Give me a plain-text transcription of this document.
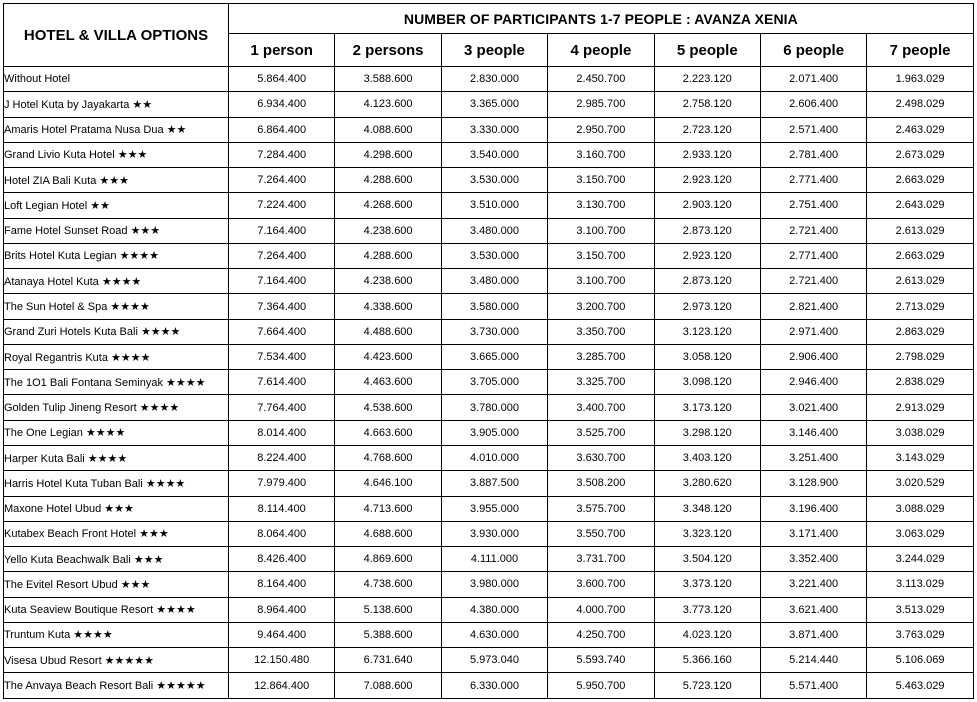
HOTEL & VILLA OPTIONS	NUMBER OF PARTICIPANTS 1-7 PEOPLE : AVANZA XENIA						
	1 person	2 persons	3 people	4 people	5 people	6 people	7 people
Without Hotel	5.864.400	3.588.600	2.830.000	2.450.700	2.223.120	2.071.400	1.963.029
J Hotel Kuta by Jayakarta ★★	6.934.400	4.123.600	3.365.000	2.985.700	2.758.120	2.606.400	2.498.029
Amaris Hotel Pratama Nusa Dua ★★	6.864.400	4.088.600	3.330.000	2.950.700	2.723.120	2.571.400	2.463.029
Grand Livio Kuta Hotel ★★★	7.284.400	4.298.600	3.540.000	3.160.700	2.933.120	2.781.400	2.673.029
Hotel ZIA Bali Kuta ★★★	7.264.400	4.288.600	3.530.000	3.150.700	2.923.120	2.771.400	2.663.029
Loft Legian Hotel ★★	7.224.400	4.268.600	3.510.000	3.130.700	2.903.120	2.751.400	2.643.029
Fame Hotel Sunset Road ★★★	7.164.400	4.238.600	3.480.000	3.100.700	2.873.120	2.721.400	2.613.029
Brits Hotel Kuta Legian ★★★★	7.264.400	4.288.600	3.530.000	3.150.700	2.923.120	2.771.400	2.663.029
Atanaya Hotel Kuta ★★★★	7.164.400	4.238.600	3.480.000	3.100.700	2.873.120	2.721.400	2.613.029
The Sun Hotel & Spa ★★★★	7.364.400	4.338.600	3.580.000	3.200.700	2.973.120	2.821.400	2.713.029
Grand Zuri Hotels Kuta Bali ★★★★	7.664.400	4.488.600	3.730.000	3.350.700	3.123.120	2.971.400	2.863.029
Royal Regantris Kuta ★★★★	7.534.400	4.423.600	3.665.000	3.285.700	3.058.120	2.906.400	2.798.029
The 1O1 Bali Fontana Seminyak ★★★★	7.614.400	4.463.600	3.705.000	3.325.700	3.098.120	2.946.400	2.838.029
Golden Tulip Jineng Resort ★★★★	7.764.400	4.538.600	3.780.000	3.400.700	3.173.120	3.021.400	2.913.029
The One Legian ★★★★	8.014.400	4.663.600	3.905.000	3.525.700	3.298.120	3.146.400	3.038.029
Harper Kuta Bali ★★★★	8.224.400	4.768.600	4.010.000	3.630.700	3.403.120	3.251.400	3.143.029
Harris Hotel Kuta Tuban Bali ★★★★	7.979.400	4.646.100	3.887.500	3.508.200	3.280.620	3.128.900	3.020.529
Maxone Hotel Ubud ★★★	8.114.400	4.713.600	3.955.000	3.575.700	3.348.120	3.196.400	3.088.029
Kutabex Beach Front Hotel ★★★	8.064.400	4.688.600	3.930.000	3.550.700	3.323.120	3.171.400	3.063.029
Yello Kuta Beachwalk Bali ★★★	8.426.400	4.869.600	4.111.000	3.731.700	3.504.120	3.352.400	3.244.029
The Evitel Resort Ubud ★★★	8.164.400	4.738.600	3.980.000	3.600.700	3.373.120	3.221.400	3.113.029
Kuta Seaview Boutique Resort ★★★★	8.964.400	5.138.600	4.380.000	4.000.700	3.773.120	3.621.400	3.513.029
Truntum Kuta ★★★★	9.464.400	5.388.600	4.630.000	4.250.700	4.023.120	3.871.400	3.763.029
Visesa Ubud Resort ★★★★★	12.150.480	6.731.640	5.973.040	5.593.740	5.366.160	5.214.440	5.106.069
The Anvaya Beach Resort Bali ★★★★★	12.864.400	7.088.600	6.330.000	5.950.700	5.723.120	5.571.400	5.463.029
